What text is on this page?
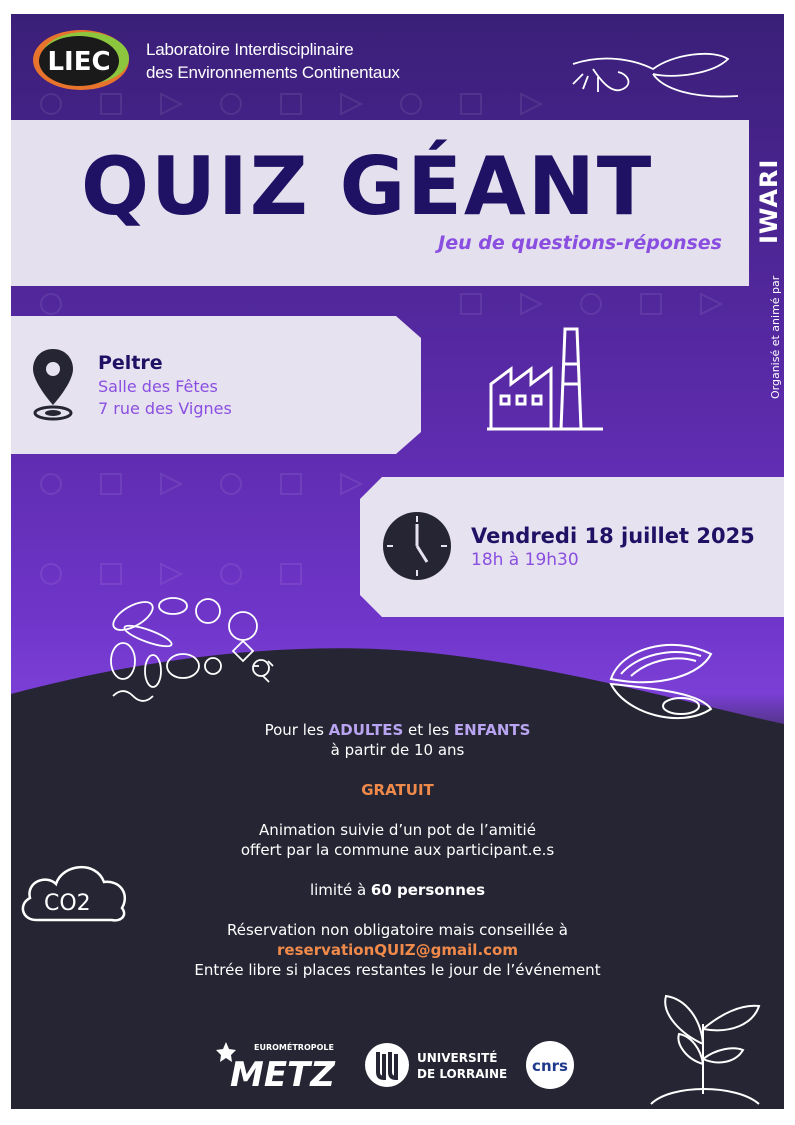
LIEC Laboratoire Interdisciplinaire
des Environnements Continentaux
QUIZ GÉANT
Jeu de questions-réponses
Organisé et animé par
IWARI
Peltre
Salle des Fêtes
7 rue des Vignes
Vendredi 18 juillet 2025
18h à 19h30
CO2
Pour les ADULTES et les ENFANTS
à partir de 10 ans
GRATUIT
Animation suivie d’un pot de l’amitié
offert par la commune aux participant.e.s
limité à 60 personnes
Réservation non obligatoire mais conseillée à
reservationQUIZ@gmail.com
Entrée libre si places restantes le jour de l’événement
EUROMÉTROPOLE
METZ	UNIVERSITÉ
DE LORRAINE cnrs
